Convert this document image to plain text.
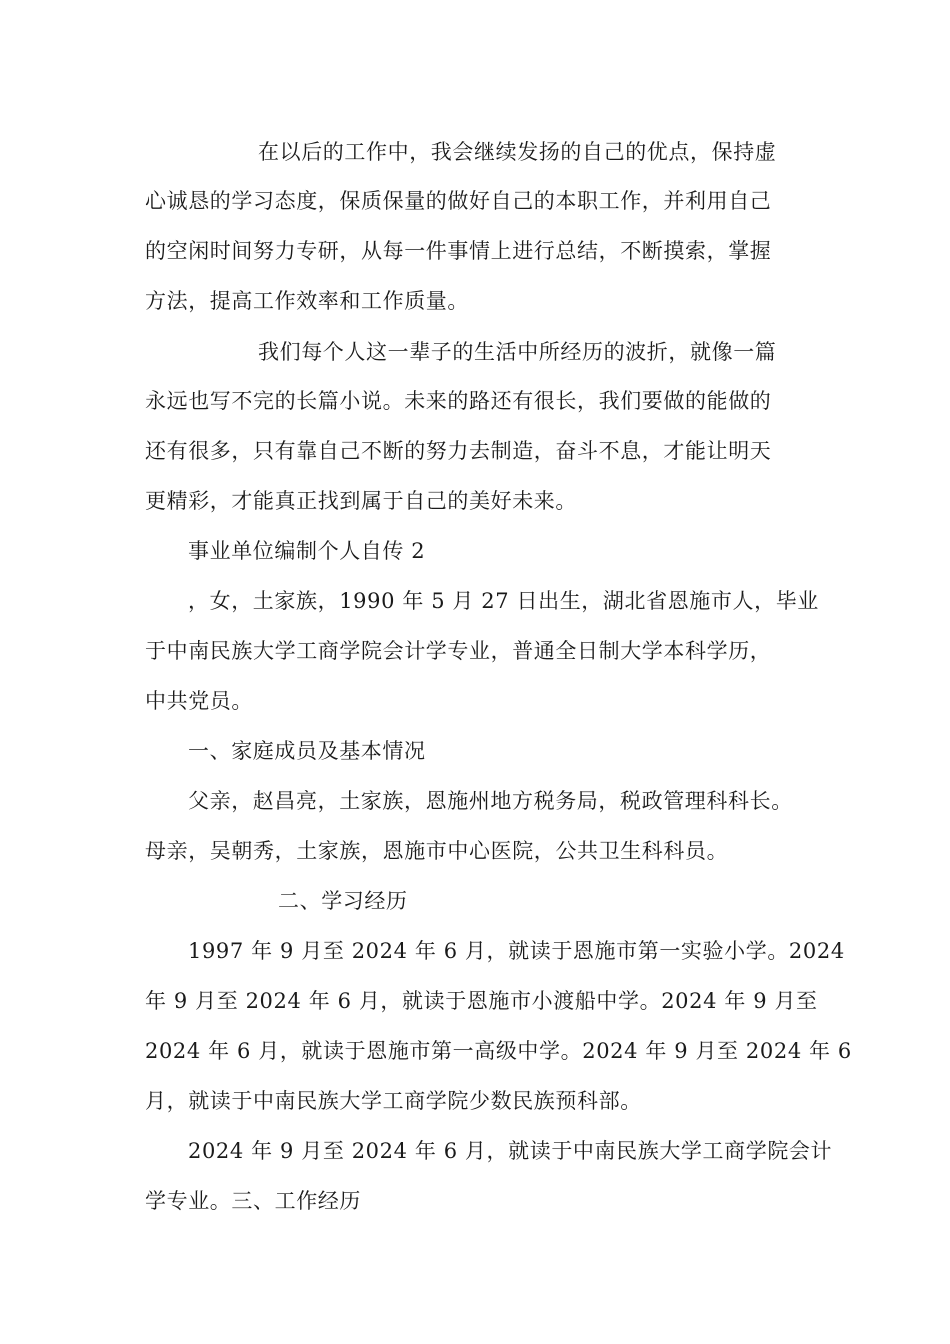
在以后的工作中，我会继续发扬的自己的优点，保持虚
心诚恳的学习态度，保质保量的做好自己的本职工作，并利用自己
的空闲时间努力专研，从每一件事情上进行总结，不断摸索，掌握
方法，提高工作效率和工作质量。
我们每个人这一辈子的生活中所经历的波折，就像一篇
永远也写不完的长篇小说。未来的路还有很长，我们要做的能做的
还有很多，只有靠自己不断的努力去制造，奋斗不息，才能让明天
更精彩，才能真正找到属于自己的美好未来。
事业单位编制个人自传 2
，女，土家族，1990 年 5 月 27 日出生，湖北省恩施市人，毕业
于中南民族大学工商学院会计学专业，普通全日制大学本科学历，
中共党员。
一、家庭成员及基本情况
父亲，赵昌亮，土家族，恩施州地方税务局，税政管理科科长。
母亲，吴朝秀，土家族，恩施市中心医院，公共卫生科科员。
二、学习经历
1997 年 9 月至 2024 年 6 月，就读于恩施市第一实验小学。2024
年 9 月至 2024 年 6 月，就读于恩施市小渡船中学。2024 年 9 月至
2024 年 6 月，就读于恩施市第一高级中学。2024 年 9 月至 2024 年 6
月，就读于中南民族大学工商学院少数民族预科部。
2024 年 9 月至 2024 年 6 月，就读于中南民族大学工商学院会计
学专业。三、工作经历
